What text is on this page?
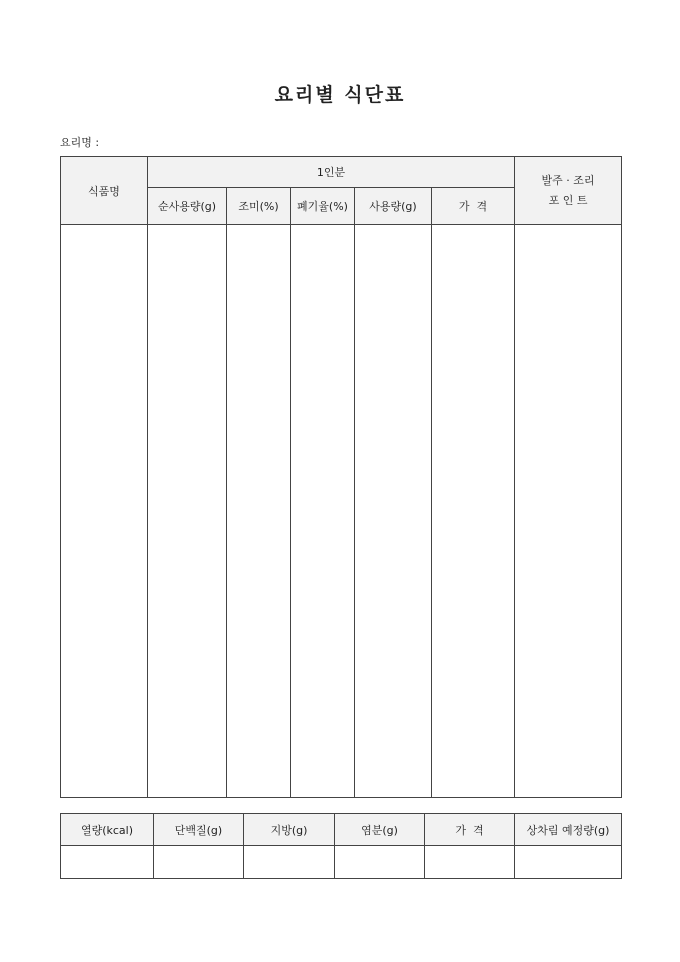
요리별 식단표
요리명 :
식품명	1인분					발주 · 조리
포 인 트

	순사용량(g)	조미(%)	폐기율(%)	사용량(g)	가  격	

열량(kcal)	단백질(g)	지방(g)	염분(g)	가  격	상차림 예정량(g)
